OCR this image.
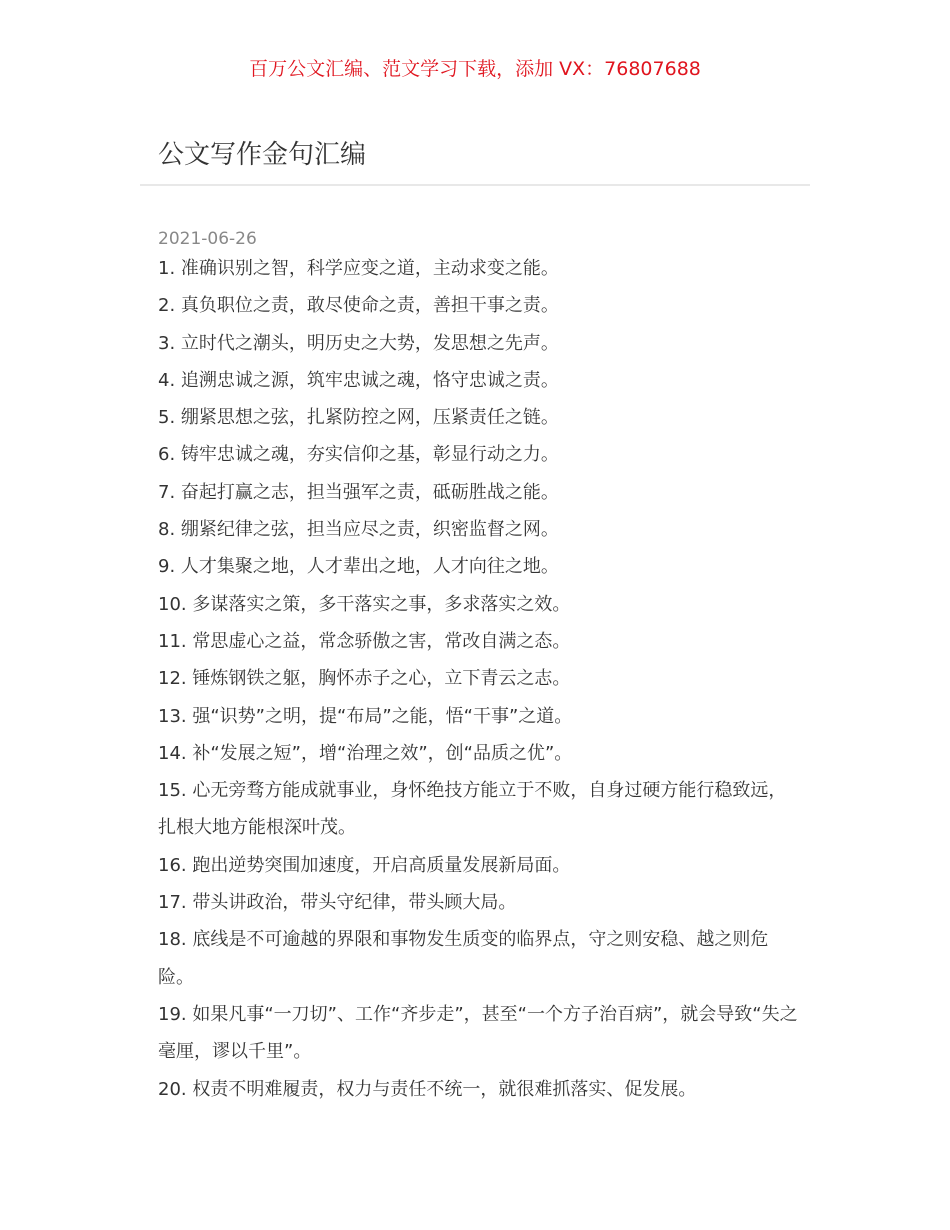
百万公文汇编、范文学习下载，添加 VX：76807688
公文写作金句汇编
2021-06-26

1. 准确识别之智，科学应变之道，主动求变之能。

2. 真负职位之责，敢尽使命之责，善担干事之责。

3. 立时代之潮头，明历史之大势，发思想之先声。

4. 追溯忠诚之源，筑牢忠诚之魂，恪守忠诚之责。

5. 绷紧思想之弦，扎紧防控之网，压紧责任之链。

6. 铸牢忠诚之魂，夯实信仰之基，彰显行动之力。

7. 奋起打赢之志，担当强军之责，砥砺胜战之能。

8. 绷紧纪律之弦，担当应尽之责，织密监督之网。

9. 人才集聚之地，人才辈出之地，人才向往之地。

10. 多谋落实之策，多干落实之事，多求落实之效。

11. 常思虚心之益，常念骄傲之害，常改自满之态。

12. 锤炼钢铁之躯，胸怀赤子之心，立下青云之志。

13. 强“识势”之明，提“布局”之能，悟“干事”之道。

14. 补“发展之短”，增“治理之效”，创“品质之优”。

15. 心无旁骛方能成就事业，身怀绝技方能立于不败，自身过硬方能行稳致远，扎根大地方能根深叶茂。

16. 跑出逆势突围加速度，开启高质量发展新局面。

17. 带头讲政治，带头守纪律，带头顾大局。

18. 底线是不可逾越的界限和事物发生质变的临界点，守之则安稳、越之则危险。

19. 如果凡事“一刀切”、工作“齐步走”，甚至“一个方子治百病”，就会导致“失之毫厘，谬以千里”。

20. 权责不明难履责，权力与责任不统一，就很难抓落实、促发展。
